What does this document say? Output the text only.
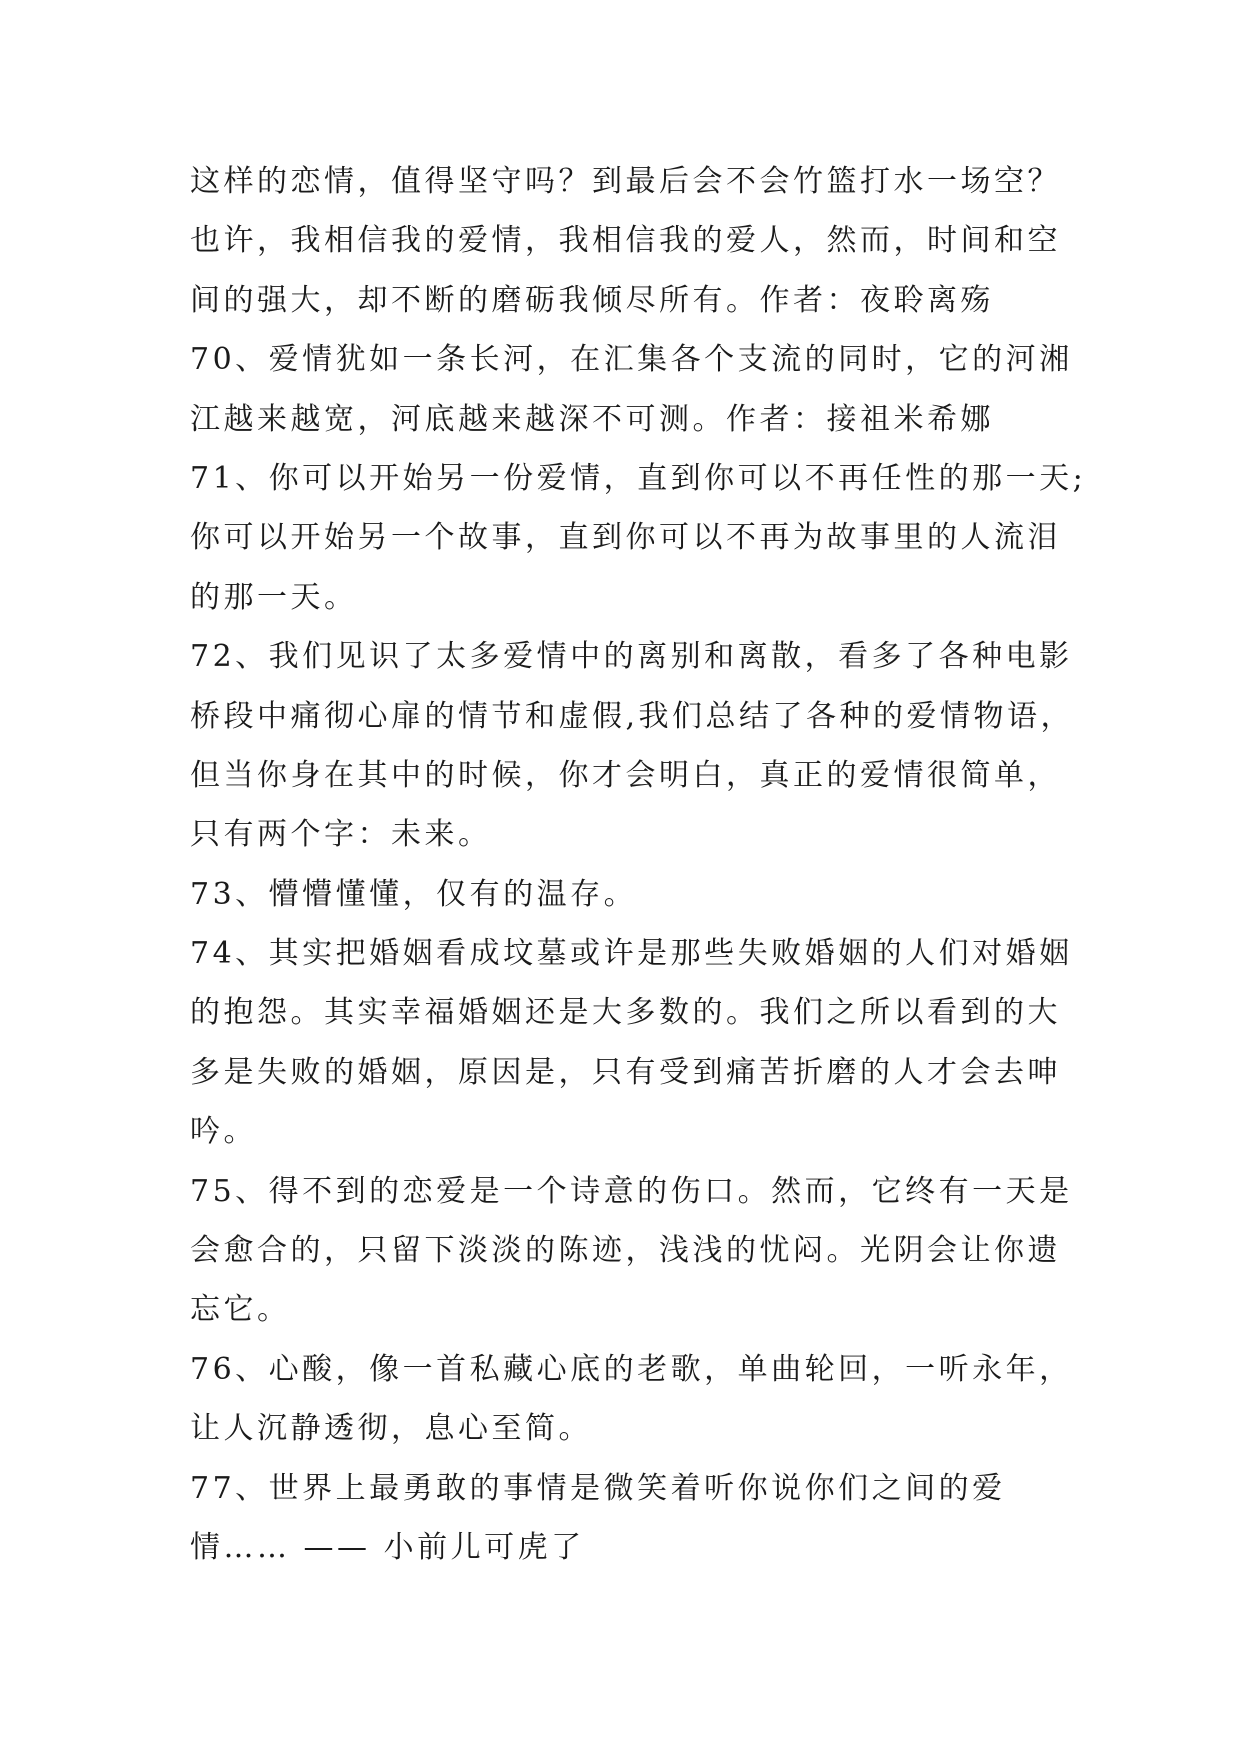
这样的恋情，值得坚守吗？到最后会不会竹篮打水一场空？
也许，我相信我的爱情，我相信我的爱人，然而，时间和空
间的强大，却不断的磨砺我倾尽所有。作者：夜聆离殇
70、爱情犹如一条长河，在汇集各个支流的同时，它的河湘
江越来越宽，河底越来越深不可测。作者：接祖米希娜
71、你可以开始另一份爱情，直到你可以不再任性的那一天;
你可以开始另一个故事，直到你可以不再为故事里的人流泪
的那一天。
72、我们见识了太多爱情中的离别和离散，看多了各种电影
桥段中痛彻心扉的情节和虚假,我们总结了各种的爱情物语，
但当你身在其中的时候，你才会明白，真正的爱情很简单，
只有两个字：未来。
73、懵懵懂懂，仅有的温存。
74、其实把婚姻看成坟墓或许是那些失败婚姻的人们对婚姻
的抱怨。其实幸福婚姻还是大多数的。我们之所以看到的大
多是失败的婚姻，原因是，只有受到痛苦折磨的人才会去呻
吟。
75、得不到的恋爱是一个诗意的伤口。然而，它终有一天是
会愈合的，只留下淡淡的陈迹，浅浅的忧闷。光阴会让你遗
忘它。
76、心酸，像一首私藏心底的老歌，单曲轮回，一听永年，
让人沉静透彻，息心至简。
77、世界上最勇敢的事情是微笑着听你说你们之间的爱
情…… —— 小前儿可虎了
